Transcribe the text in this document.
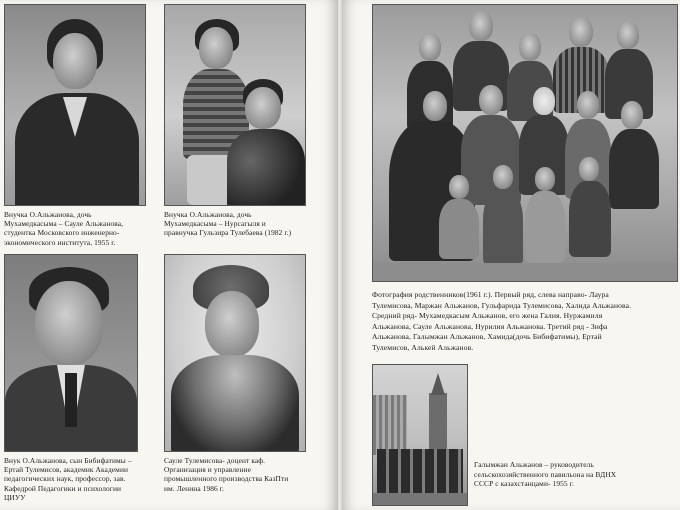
Внучка О.Альжанова, дочь
Мухамедкасыма – Сауле Альжанова,
студентка Московского инженерно-
экономического института, 1955 г.
Внучка О.Альжанова, дочь
Мухамедкасыма – Нурсагыля и
правнучка Гульзира Тулебаева (1982 г.)
Внук О.Альжанова, сын Бибифатимы –
Ертай Тулемисов, академик Академии
педагогических наук, профессор, зав.
Кафедрой Педагогики и психологии
ЦИУУ
Сауле Тулемисова- доцент каф.
Организация и управление
промышленного производства КазПти
им. Ленина 1986 г.
Фотография родственников(1961 г.). Первый ряд, слева направо- Лаура
Тулемисова, Маржан Альжанов, Гульфарида Тулемисова, Халида Альжанова.
Средний ряд- Мухамедкасым Альжанов, его жена Галия. Нуржамиля
Альжанова, Сауле Альжанова, Нурилия Альжанова. Третий ряд - Зифа
Альжанова, Галымжан Альжанов, Хамида(дочь Бибифатимы), Ертай
Тулемисов, Алькей Альжанов.
Галымжан Альжанов – руководитель
сельскохозяйственного павильона на ВДНХ
СССР с казахстанцами- 1955 г.
